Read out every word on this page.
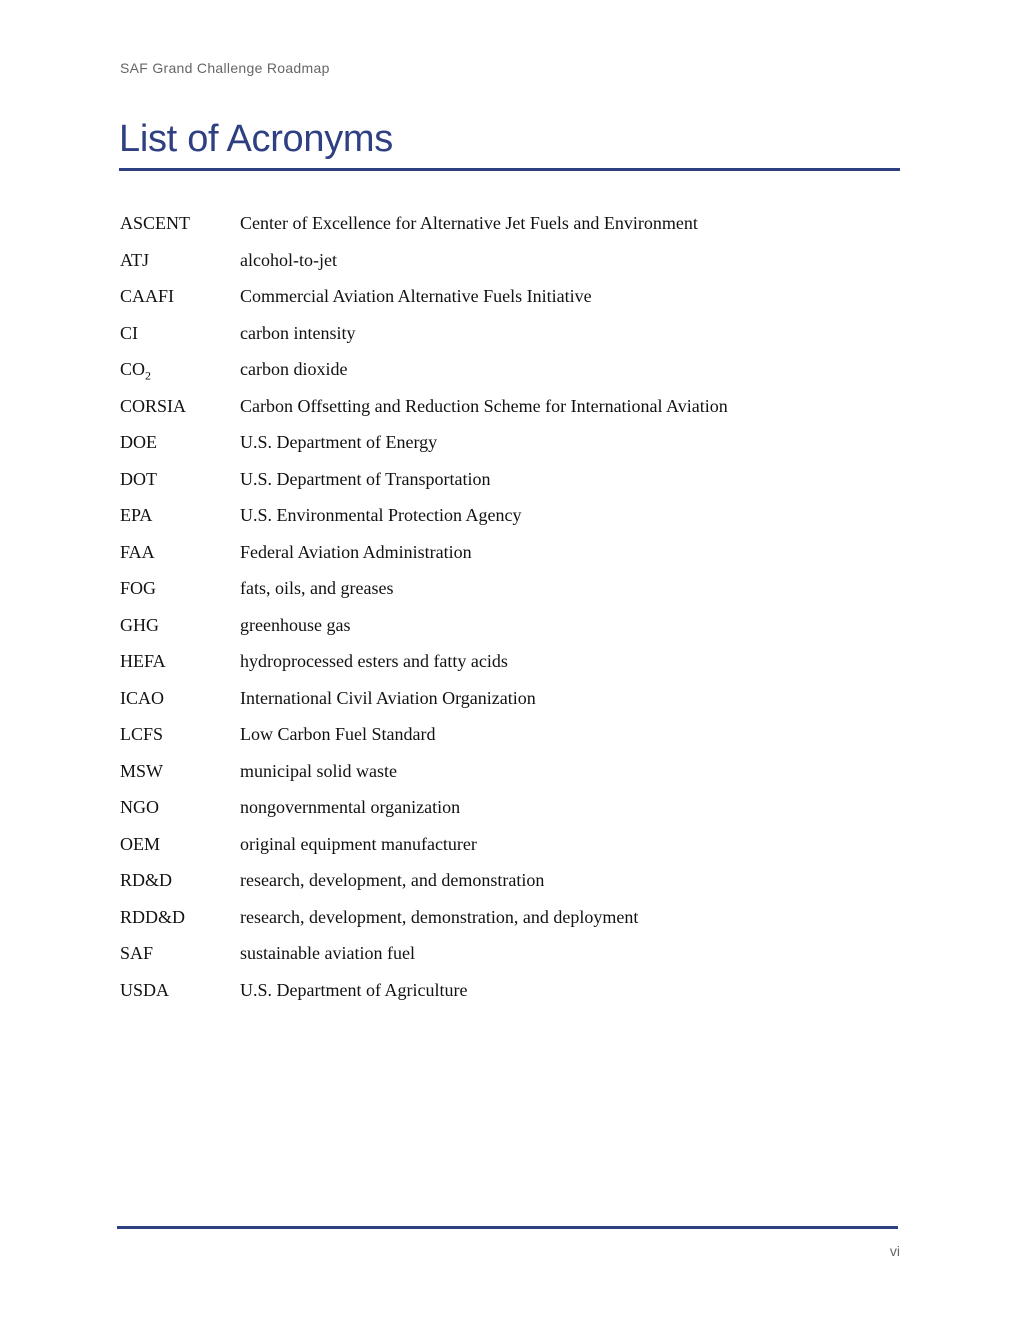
SAF Grand Challenge Roadmap
List of Acronyms
ASCENT	Center of Excellence for Alternative Jet Fuels and Environment
ATJ	alcohol-to-jet
CAAFI	Commercial Aviation Alternative Fuels Initiative
CI	carbon intensity
$CO_2$	carbon dioxide
CORSIA	Carbon Offsetting and Reduction Scheme for International Aviation
DOE	U.S. Department of Energy
DOT	U.S. Department of Transportation
EPA	U.S. Environmental Protection Agency
FAA	Federal Aviation Administration
FOG	fats, oils, and greases
GHG	greenhouse gas
HEFA	hydroprocessed esters and fatty acids
ICAO	International Civil Aviation Organization
LCFS	Low Carbon Fuel Standard
MSW	municipal solid waste
NGO	nongovernmental organization
OEM	original equipment manufacturer
RD&D	research, development, and demonstration
RDD&D	research, development, demonstration, and deployment
SAF	sustainable aviation fuel
USDA	U.S. Department of Agriculture
vi
